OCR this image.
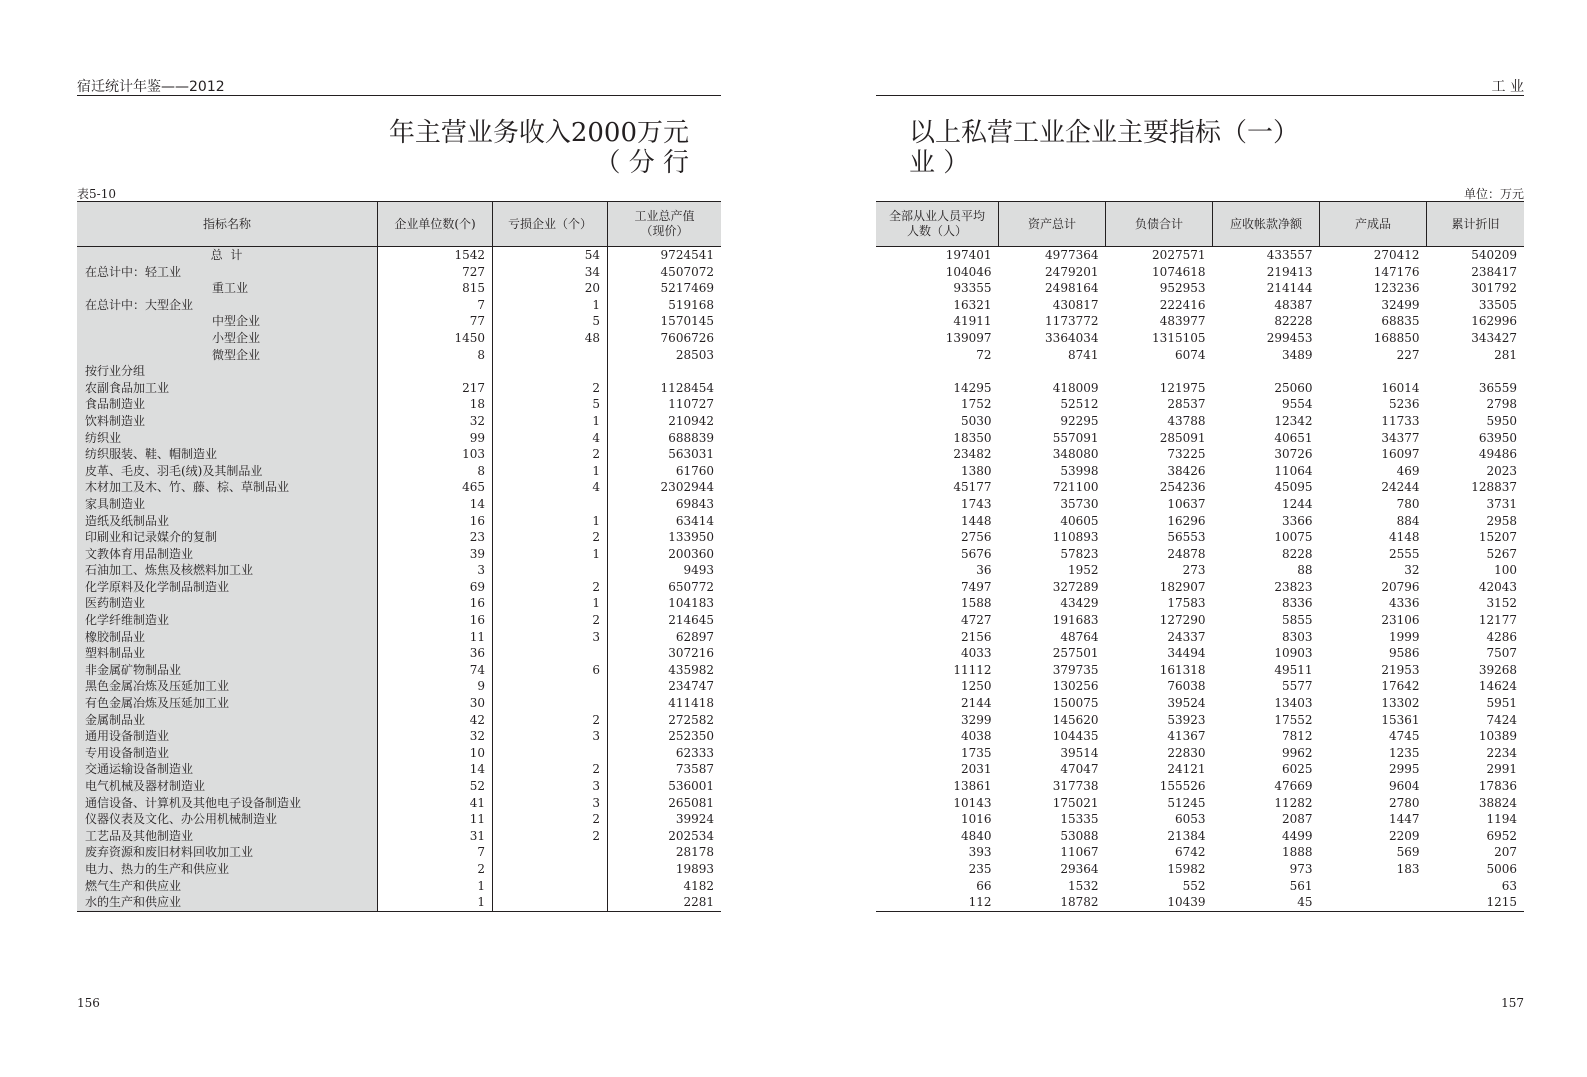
宿迁统计年鉴——2012
年主营业务收入2000万元
（ 分 行
表5-10
指标名称	企业单位数(个)	亏损企业（个）	工业总产值
（现价）
总 计	1542	54	9724541
在总计中：轻工业	727	34	4507072
重工业	815	20	5217469
在总计中：大型企业	7	1	519168
中型企业	77	5	1570145
小型企业	1450	48	7606726
微型企业	8		28503
按行业分组			
农副食品加工业	217	2	1128454
食品制造业	18	5	110727
饮料制造业	32	1	210942
纺织业	99	4	688839
纺织服装、鞋、帽制造业	103	2	563031
皮革、毛皮、羽毛(绒)及其制品业	8	1	61760
木材加工及木、竹、藤、棕、草制品业	465	4	2302944
家具制造业	14		69843
造纸及纸制品业	16	1	63414
印刷业和记录媒介的复制	23	2	133950
文教体育用品制造业	39	1	200360
石油加工、炼焦及核燃料加工业	3		9493
化学原料及化学制品制造业	69	2	650772
医药制造业	16	1	104183
化学纤维制造业	16	2	214645
橡胶制品业	11	3	62897
塑料制品业	36		307216
非金属矿物制品业	74	6	435982
黑色金属冶炼及压延加工业	9		234747
有色金属冶炼及压延加工业	30		411418
金属制品业	42	2	272582
通用设备制造业	32	3	252350
专用设备制造业	10		62333
交通运输设备制造业	14	2	73587
电气机械及器材制造业	52	3	536001
通信设备、计算机及其他电子设备制造业	41	3	265081
仪器仪表及文化、办公用机械制造业	11	2	39924
工艺品及其他制造业	31	2	202534
废弃资源和废旧材料回收加工业	7		28178
电力、热力的生产和供应业	2		19893
燃气生产和供应业	1		4182
水的生产和供应业	1		2281
156
工 业
以上私营工业企业主要指标（一）
业 ）
单位：万元
全部从业人员平均
人数（人）	资产总计	负债合计	应收帐款净额	产成品	累计折旧
197401	4977364	2027571	433557	270412	540209
104046	2479201	1074618	219413	147176	238417
93355	2498164	952953	214144	123236	301792
16321	430817	222416	48387	32499	33505
41911	1173772	483977	82228	68835	162996
139097	3364034	1315105	299453	168850	343427
72	8741	6074	3489	227	281

14295	418009	121975	25060	16014	36559
1752	52512	28537	9554	5236	2798
5030	92295	43788	12342	11733	5950
18350	557091	285091	40651	34377	63950
23482	348080	73225	30726	16097	49486
1380	53998	38426	11064	469	2023
45177	721100	254236	45095	24244	128837
1743	35730	10637	1244	780	3731
1448	40605	16296	3366	884	2958
2756	110893	56553	10075	4148	15207
5676	57823	24878	8228	2555	5267
36	1952	273	88	32	100
7497	327289	182907	23823	20796	42043
1588	43429	17583	8336	4336	3152
4727	191683	127290	5855	23106	12177
2156	48764	24337	8303	1999	4286
4033	257501	34494	10903	9586	7507
11112	379735	161318	49511	21953	39268
1250	130256	76038	5577	17642	14624
2144	150075	39524	13403	13302	5951
3299	145620	53923	17552	15361	7424
4038	104435	41367	7812	4745	10389
1735	39514	22830	9962	1235	2234
2031	47047	24121	6025	2995	2991
13861	317738	155526	47669	9604	17836
10143	175021	51245	11282	2780	38824
1016	15335	6053	2087	1447	1194
4840	53088	21384	4499	2209	6952
393	11067	6742	1888	569	207
235	29364	15982	973	183	5006
66	1532	552	561		63
112	18782	10439	45		1215
157
